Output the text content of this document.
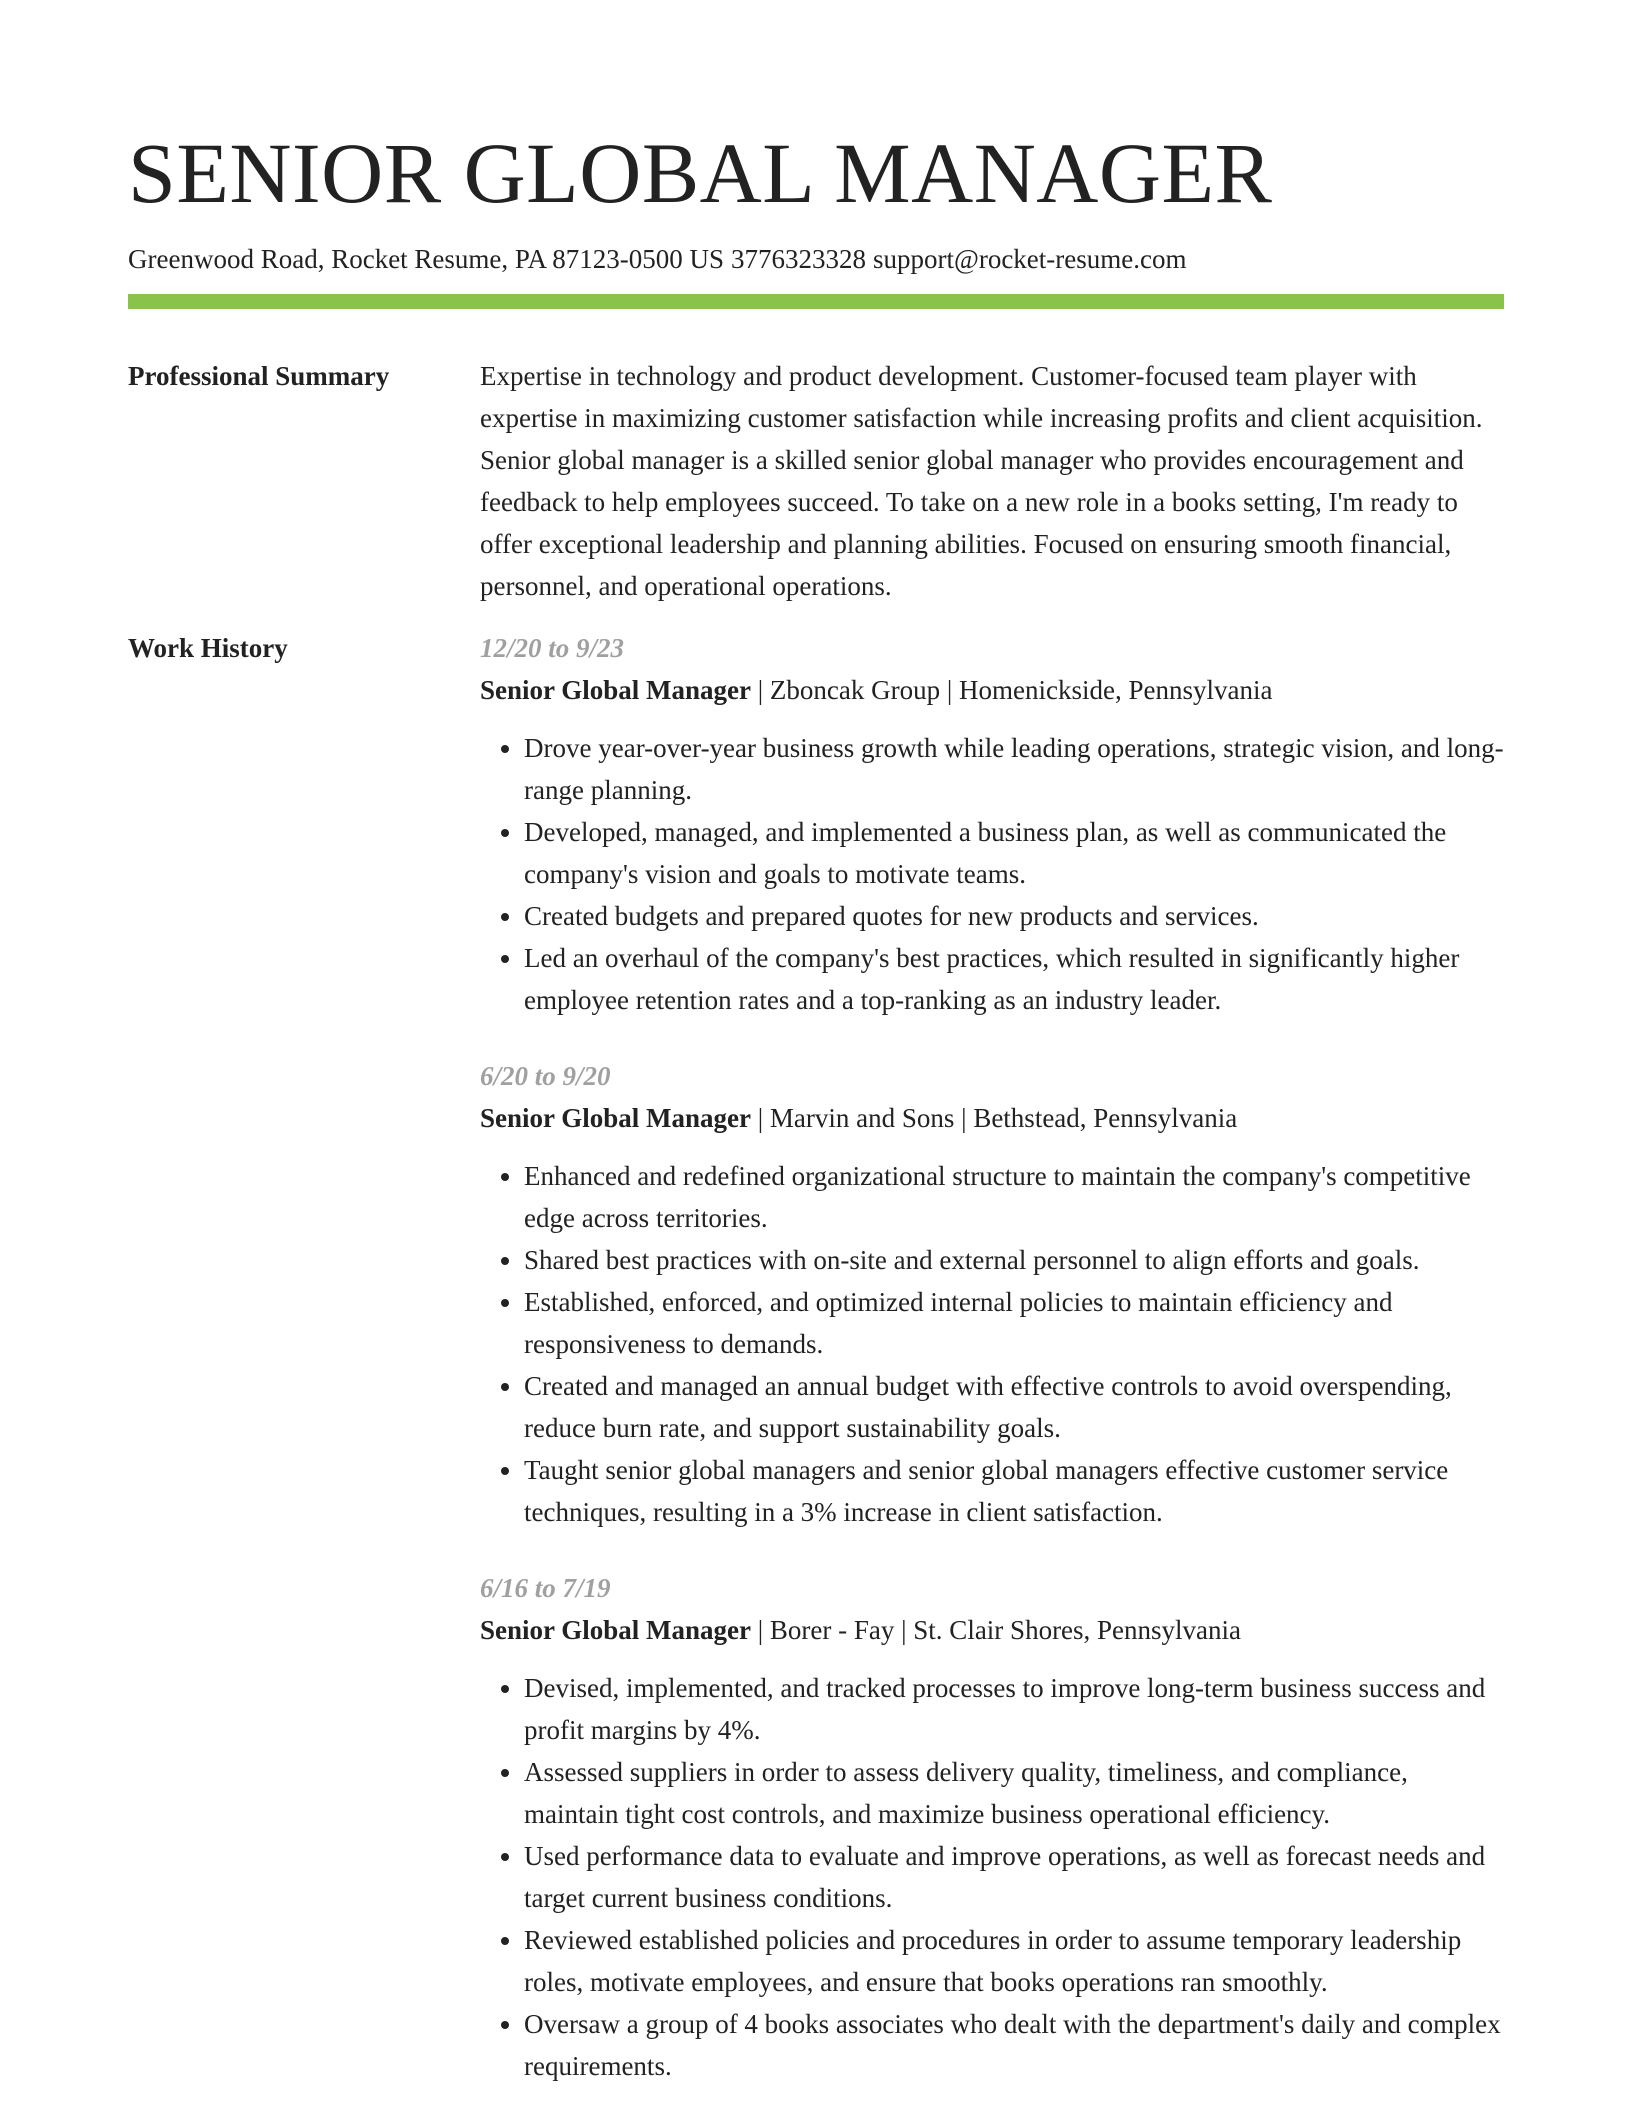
SENIOR GLOBAL MANAGER
Greenwood Road, Rocket Resume, PA 87123-0500 US 3776323328 support@rocket-resume.com
Professional Summary	Expertise in technology and product development. Customer-focused team player with expertise in maximizing customer satisfaction while increasing profits and client acquisition. Senior global manager is a skilled senior global manager who provides encouragement and feedback to help employees succeed. To take on a new role in a books setting, I'm ready to offer exceptional leadership and planning abilities. Focused on ensuring smooth financial, personnel, and operational operations.

Work History	12/20 to 9/23
Senior Global Manager | Zboncak Group | Homenickside, Pennsylvania
• Drove year-over-year business growth while leading operations, strategic vision, and long-range planning.
• Developed, managed, and implemented a business plan, as well as communicated the company's vision and goals to motivate teams.
• Created budgets and prepared quotes for new products and services.
• Led an overhaul of the company's best practices, which resulted in significantly higher employee retention rates and a top-ranking as an industry leader.
6/20 to 9/20
Senior Global Manager | Marvin and Sons | Bethstead, Pennsylvania
• Enhanced and redefined organizational structure to maintain the company's competitive edge across territories.
• Shared best practices with on-site and external personnel to align efforts and goals.
• Established, enforced, and optimized internal policies to maintain efficiency and responsiveness to demands.
• Created and managed an annual budget with effective controls to avoid overspending, reduce burn rate, and support sustainability goals.
• Taught senior global managers and senior global managers effective customer service techniques, resulting in a 3% increase in client satisfaction.
6/16 to 7/19
Senior Global Manager | Borer - Fay | St. Clair Shores, Pennsylvania
• Devised, implemented, and tracked processes to improve long-term business success and profit margins by 4%.
• Assessed suppliers in order to assess delivery quality, timeliness, and compliance, maintain tight cost controls, and maximize business operational efficiency.
• Used performance data to evaluate and improve operations, as well as forecast needs and target current business conditions.
• Reviewed established policies and procedures in order to assume temporary leadership roles, motivate employees, and ensure that books operations ran smoothly.
• Oversaw a group of 4 books associates who dealt with the department's daily and complex requirements.
